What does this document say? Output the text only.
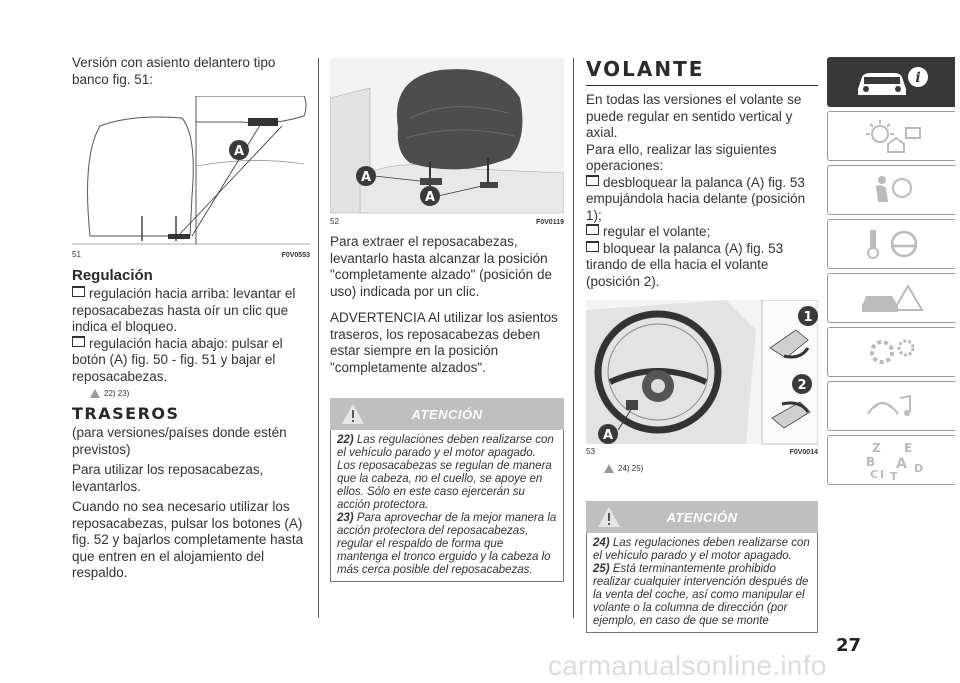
Versión con asiento delantero tipo banco fig. 51:
A
51	F0V0553
Regulación
regulación hacia arriba: levantar el reposacabezas hasta oír un clic que indica el bloqueo.
regulación hacia abajo: pulsar el botón (A) fig. 50 - fig. 51 y bajar el reposacabezas.
22) 23)
TRASEROS
(para versiones/países donde estén previstos)
Para utilizar los reposacabezas, levantarlos.
Cuando no sea necesario utilizar los reposacabezas, pulsar los botones (A) fig. 52 y bajarlos completamente hasta que entren en el alojamiento del respaldo.
A
A
52	F0V0119
Para extraer el reposacabezas, levantarlo hasta alcanzar la posición "completamente alzado" (posición de uso) indicada por un clic.
ADVERTENCIA Al utilizar los asientos traseros, los reposacabezas deben estar siempre en la posición "completamente alzados".
ATENCIÓN
22) Las regulaciones deben realizarse con el vehículo parado y el motor apagado. Los reposacabezas se regulan de manera que la cabeza, no el cuello, se apoye en ellos. Sólo en este caso ejercerán su acción protectora.
23) Para aprovechar de la mejor manera la acción protectora del reposacabezas, regular el respaldo de forma que mantenga el tronco erguido y la cabeza lo más cerca posible del reposacabezas.
VOLANTE
En todas las versiones el volante se puede regular en sentido vertical y axial.
Para ello, realizar las siguientes operaciones:
desbloquear la palanca (A) fig. 53 empujándola hacia delante (posición 1);
regular el volante;
bloquear la palanca (A) fig. 53 tirando de ella hacia el volante (posición 2).
1
2
A
53	F0V0014
24) 25)
ATENCIÓN
24) Las regulaciones deben realizarse con el vehículo parado y el motor apagado.
25) Está terminantemente prohibido realizar cualquier intervención después de la venta del coche, así como manipular el volante o la columna de dirección (por ejemplo, en caso de que se monte
i
Z E
B A
I
C T
D
27
carmanualsonline.info
